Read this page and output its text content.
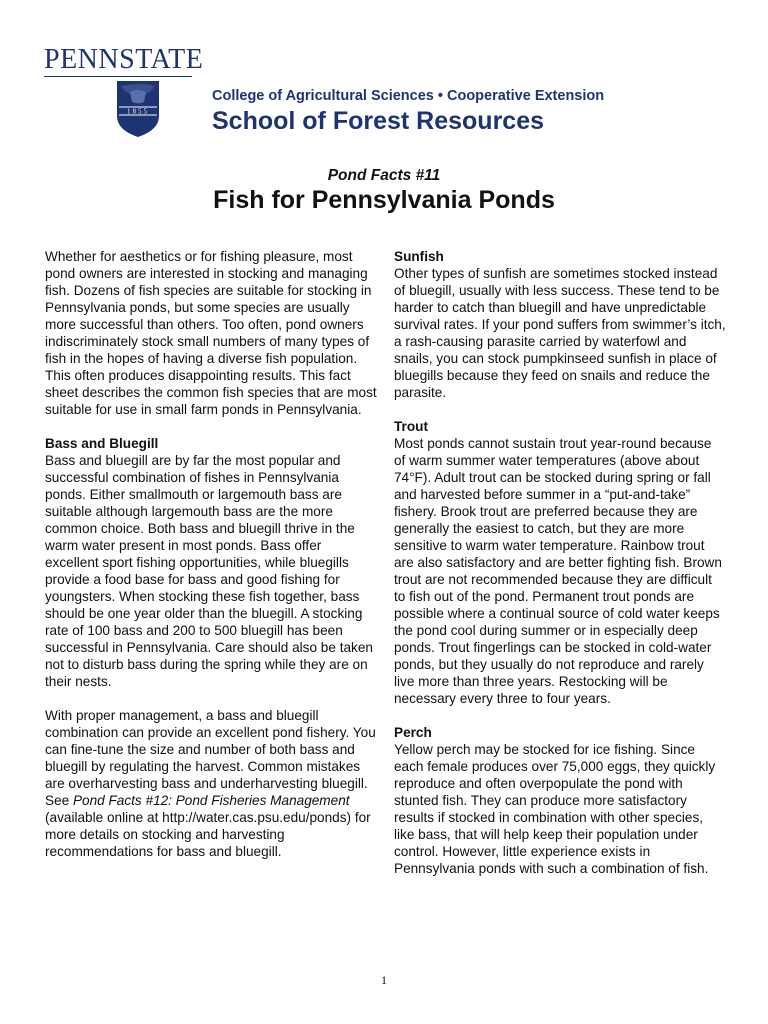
PENNSTATE
1855
College of Agricultural Sciences • Cooperative Extension
School of Forest Resources
Pond Facts #11
Fish for Pennsylvania Ponds

Whether for aesthetics or for fishing pleasure, most pond owners are interested in stocking and managing fish. Dozens of fish species are suitable for stocking in Pennsylvania ponds, but some species are usually more successful than others. Too often, pond owners indiscriminately stock small numbers of many types of fish in the hopes of having a diverse fish population. This often produces disappointing results. This fact sheet describes the common fish species that are most suitable for use in small farm ponds in Pennsylvania.

Bass and Bluegill

Bass and bluegill are by far the most popular and successful combination of fishes in Pennsylvania ponds. Either smallmouth or largemouth bass are suitable although largemouth bass are the more common choice. Both bass and bluegill thrive in the warm water present in most ponds. Bass offer excellent sport fishing opportunities, while bluegills provide a food base for bass and good fishing for youngsters. When stocking these fish together, bass should be one year older than the bluegill. A stocking rate of 100 bass and 200 to 500 bluegill has been successful in Pennsylvania. Care should also be taken not to disturb bass during the spring while they are on their nests.

With proper management, a bass and bluegill combination can provide an excellent pond fishery. You can fine-tune the size and number of both bass and bluegill by regulating the harvest. Common mistakes are overharvesting bass and underharvesting bluegill. See Pond Facts #12: Pond Fisheries Management (available online at http://water.cas.psu.edu/ponds) for more details on stocking and harvesting recommendations for bass and bluegill.

Sunfish

Other types of sunfish are sometimes stocked instead of bluegill, usually with less success. These tend to be harder to catch than bluegill and have unpredictable survival rates. If your pond suffers from swimmer’s itch, a rash-causing parasite carried by waterfowl and snails, you can stock pumpkinseed sunfish in place of bluegills because they feed on snails and reduce the parasite.

Trout

Most ponds cannot sustain trout year-round because of warm summer water temperatures (above about 74°F). Adult trout can be stocked during spring or fall and harvested before summer in a “put-and-take” fishery. Brook trout are preferred because they are generally the easiest to catch, but they are more sensitive to warm water temperature. Rainbow trout are also satisfactory and are better fighting fish. Brown trout are not recommended because they are difficult to fish out of the pond. Permanent trout ponds are possible where a continual source of cold water keeps the pond cool during summer or in especially deep ponds. Trout fingerlings can be stocked in cold-water ponds, but they usually do not reproduce and rarely live more than three years. Restocking will be necessary every three to four years.

Perch

Yellow perch may be stocked for ice fishing. Since each female produces over 75,000 eggs, they quickly reproduce and often overpopulate the pond with stunted fish. They can produce more satisfactory results if stocked in combination with other species, like bass, that will help keep their population under control. However, little experience exists in Pennsylvania ponds with such a combination of fish.

1
